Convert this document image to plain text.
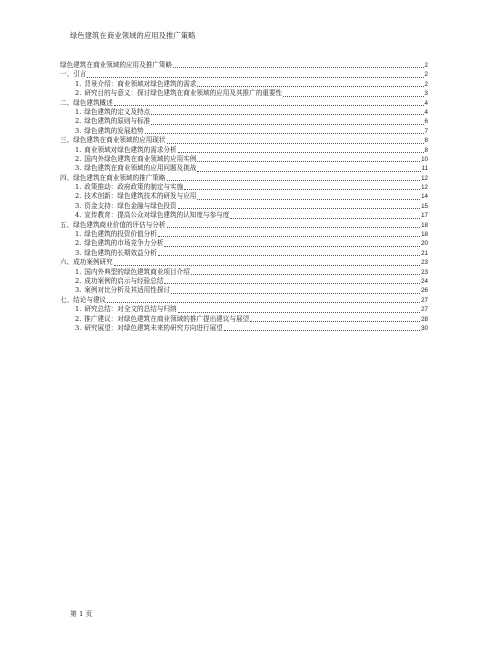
绿色建筑在商业领域的应用及推广策略
绿色建筑在商业领域的应用及推广策略	2
一、引言	2
1. 背景介绍：商业领域对绿色建筑的需求	2
2. 研究目的与意义：探讨绿色建筑在商业领域的应用及其推广的重要性	3
二、绿色建筑概述	4
1. 绿色建筑的定义及特点	4
2. 绿色建筑的原则与标准	6
3. 绿色建筑的发展趋势	7
三、绿色建筑在商业领域的应用现状	8
1. 商业领域对绿色建筑的需求分析	8
2. 国内外绿色建筑在商业领域的应用实例	10
3. 绿色建筑在商业领域的应用问题及挑战	11
四、绿色建筑在商业领域的推广策略	12
1. 政策推动：政府政策的制定与实施	12
2. 技术创新：绿色建筑技术的研发与应用	14
3. 资金支持：绿色金融与绿色投资	15
4. 宣传教育：提高公众对绿色建筑的认知度与参与度	17
五、绿色建筑商业价值的评估与分析	18
1. 绿色建筑的投资价值分析	18
2. 绿色建筑的市场竞争力分析	20
3. 绿色建筑的长期效益分析	21
六、成功案例研究	23
1. 国内外典型的绿色建筑商业项目介绍	23
2. 成功案例的启示与经验总结	24
3. 案例对比分析及其适用性探讨	26
七、结论与建议	27
1. 研究总结：对全文的总结与归纳	27
2. 推广建议：对绿色建筑在商业领域的推广提出建议与展望	28
3. 研究展望：对绿色建筑未来的研究方向进行展望	30
第 1 页
